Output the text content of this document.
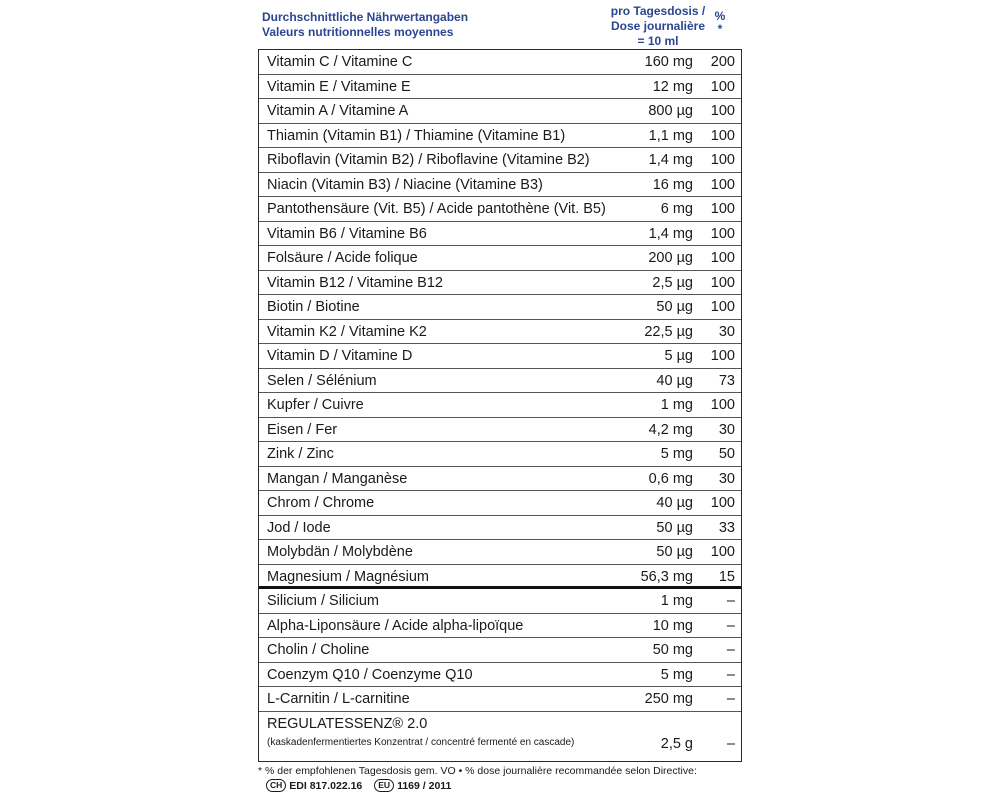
Durchschnittliche Nährwertangaben
Valeurs nutritionnelles moyennes
pro Tagesdosis /
Dose journalière
= 10 ml
%
*
Vitamin C / Vitamine C	160 mg	200
Vitamin E / Vitamine E	12 mg	100
Vitamin A / Vitamine A	800 µg	100
Thiamin (Vitamin B1) / Thiamine (Vitamine B1)	1,1 mg	100
Riboflavin (Vitamin B2) / Riboflavine (Vitamine B2)	1,4 mg	100
Niacin (Vitamin B3) / Niacine (Vitamine B3)	16 mg	100
Pantothensäure (Vit. B5) / Acide pantothène (Vit. B5)	6 mg	100
Vitamin B6 / Vitamine B6	1,4 mg	100
Folsäure / Acide folique	200 µg	100
Vitamin B12 / Vitamine B12	2,5 µg	100
Biotin / Biotine	50 µg	100
Vitamin K2 / Vitamine K2	22,5 µg	30
Vitamin D / Vitamine D	5 µg	100
Selen / Sélénium	40 µg	73
Kupfer / Cuivre	1 mg	100
Eisen / Fer	4,2 mg	30
Zink / Zinc	5 mg	50
Mangan / Manganèse	0,6 mg	30
Chrom / Chrome	40 µg	100
Jod / Iode	50 µg	33
Molybdän / Molybdène	50 µg	100
Magnesium / Magnésium	56,3 mg	15
Silicium / Silicium	1 mg	–
Alpha-Liponsäure / Acide alpha-lipoïque	10 mg	–
Cholin / Choline	50 mg	–
Coenzym Q10 / Coenzyme Q10	5 mg	–
L-Carnitin / L-carnitine	250 mg	–
REGULATESSENZ® 2.0
(kaskadenfermentiertes Konzentrat / concentré fermenté en cascade)	2,5 g	–
* % der empfohlenen Tagesdosis gem. VO • % dose journalière recommandée selon Directive:
CH EDI 817.022.16 EU 1169 / 2011
